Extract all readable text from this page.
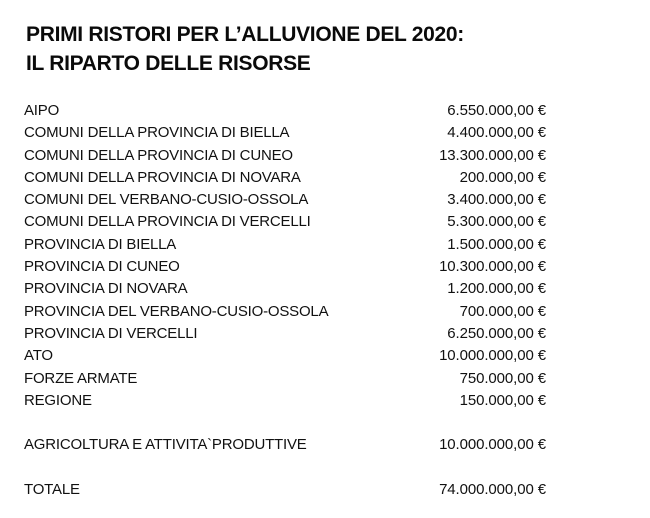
PRIMI RISTORI PER L’ALLUVIONE DEL 2020:
IL RIPARTO DELLE RISORSE
AIPO	6.550.000,00 €
COMUNI DELLA PROVINCIA DI BIELLA	4.400.000,00 €
COMUNI DELLA PROVINCIA DI CUNEO	13.300.000,00 €
COMUNI DELLA PROVINCIA DI NOVARA	200.000,00 €
COMUNI DEL VERBANO-CUSIO-OSSOLA	3.400.000,00 €
COMUNI DELLA PROVINCIA DI VERCELLI	5.300.000,00 €
PROVINCIA DI BIELLA	1.500.000,00 €
PROVINCIA DI CUNEO	10.300.000,00 €
PROVINCIA DI NOVARA	1.200.000,00 €
PROVINCIA DEL VERBANO-CUSIO-OSSOLA	700.000,00 €
PROVINCIA DI VERCELLI	6.250.000,00 €
ATO	10.000.000,00 €
FORZE ARMATE	750.000,00 €
REGIONE	150.000,00 €
AGRICOLTURA E ATTIVITA`PRODUTTIVE	10.000.000,00 €
TOTALE	74.000.000,00 €
